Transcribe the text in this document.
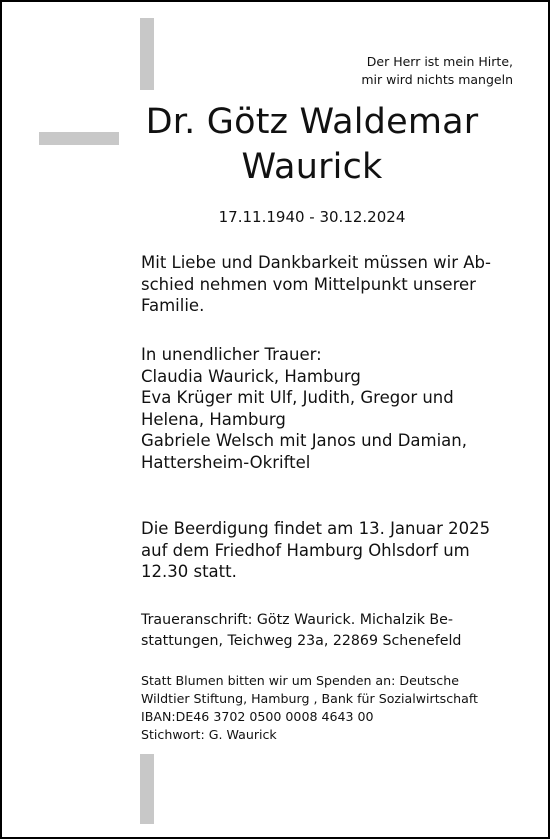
Der Herr ist mein Hirte,
mir wird nichts mangeln
Dr. Götz Waldemar
Waurick
17.11.1940 - 30.12.2024
Mit Liebe und Dankbarkeit müssen wir Ab-
schied nehmen vom Mittelpunkt unserer
Familie.
In unendlicher Trauer:
Claudia Waurick, Hamburg
Eva Krüger mit Ulf, Judith, Gregor und
Helena, Hamburg
Gabriele Welsch mit Janos und Damian,
Hattersheim-Okriftel
Die Beerdigung findet am 13. Januar 2025
auf dem Friedhof Hamburg Ohlsdorf um
12.30 statt.
Traueranschrift: Götz Waurick. Michalzik Be-
stattungen, Teichweg 23a, 22869 Schenefeld
Statt Blumen bitten wir um Spenden an: Deutsche
Wildtier Stiftung, Hamburg , Bank für Sozialwirtschaft
IBAN:DE46 3702 0500 0008 4643 00
Stichwort: G. Waurick
